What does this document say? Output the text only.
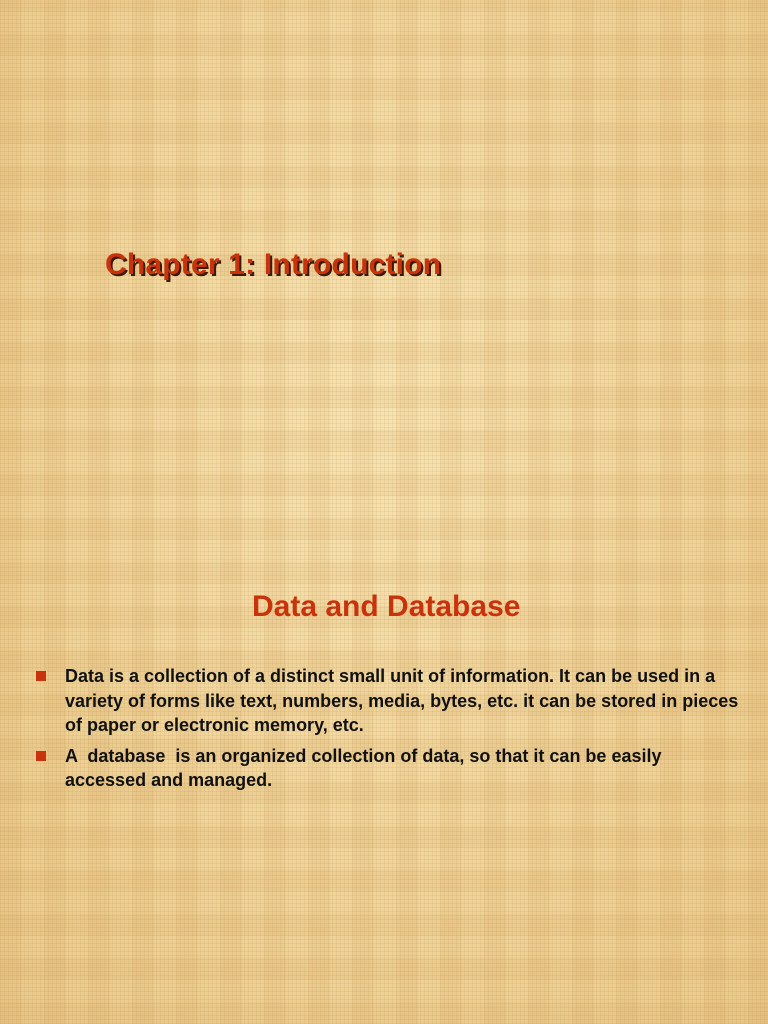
Chapter 1: Introduction
Data and Database
Data is a collection of a distinct small unit of information. It can be used in a variety of forms like text, numbers, media, bytes, etc. it can be stored in pieces of paper or electronic memory, etc.
A  database  is an organized collection of data, so that it can be easily accessed and managed.
